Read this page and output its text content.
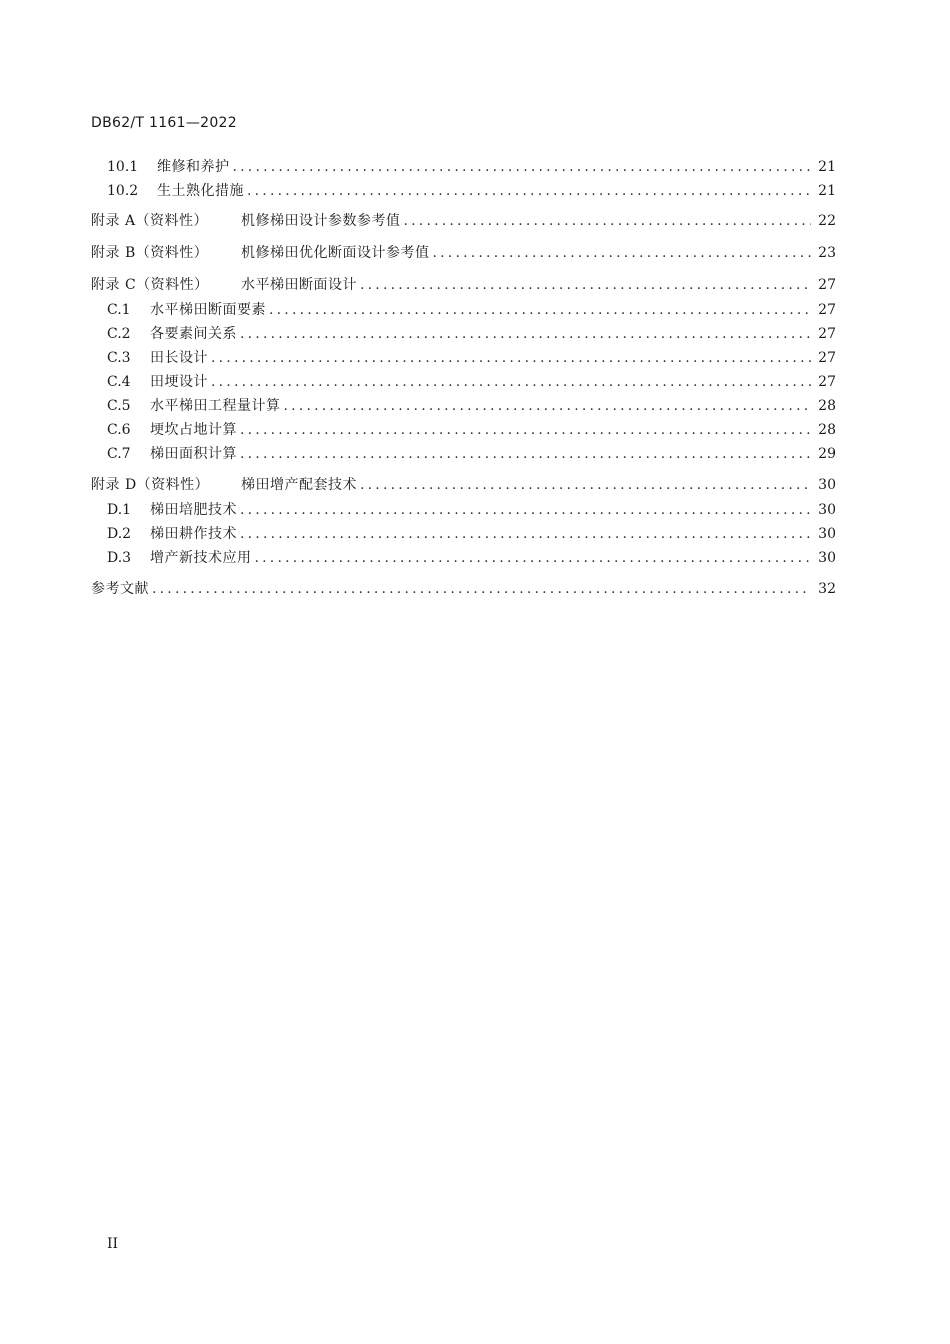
DB62/T 1161—2022
10.1	维修和养护 .....	21
10.2	生土熟化措施 .....	21
附录 A（资料性）	机修梯田设计参数参考值 .....	22
附录 B（资料性）	机修梯田优化断面设计参考值 .....	23
附录 C（资料性）	水平梯田断面设计 .....	27
C.1	水平梯田断面要素 .....	27
C.2	各要素间关系 .....	27
C.3	田长设计 .....	27
C.4	田埂设计 .....	27
C.5	水平梯田工程量计算 .....	28
C.6	埂坎占地计算 .....	28
C.7	梯田面积计算 .....	29
附录 D（资料性）	梯田增产配套技术 .....	30
D.1	梯田培肥技术 .....	30
D.2	梯田耕作技术 .....	30
D.3	增产新技术应用 .....	30
参考文献 .....	32
II
